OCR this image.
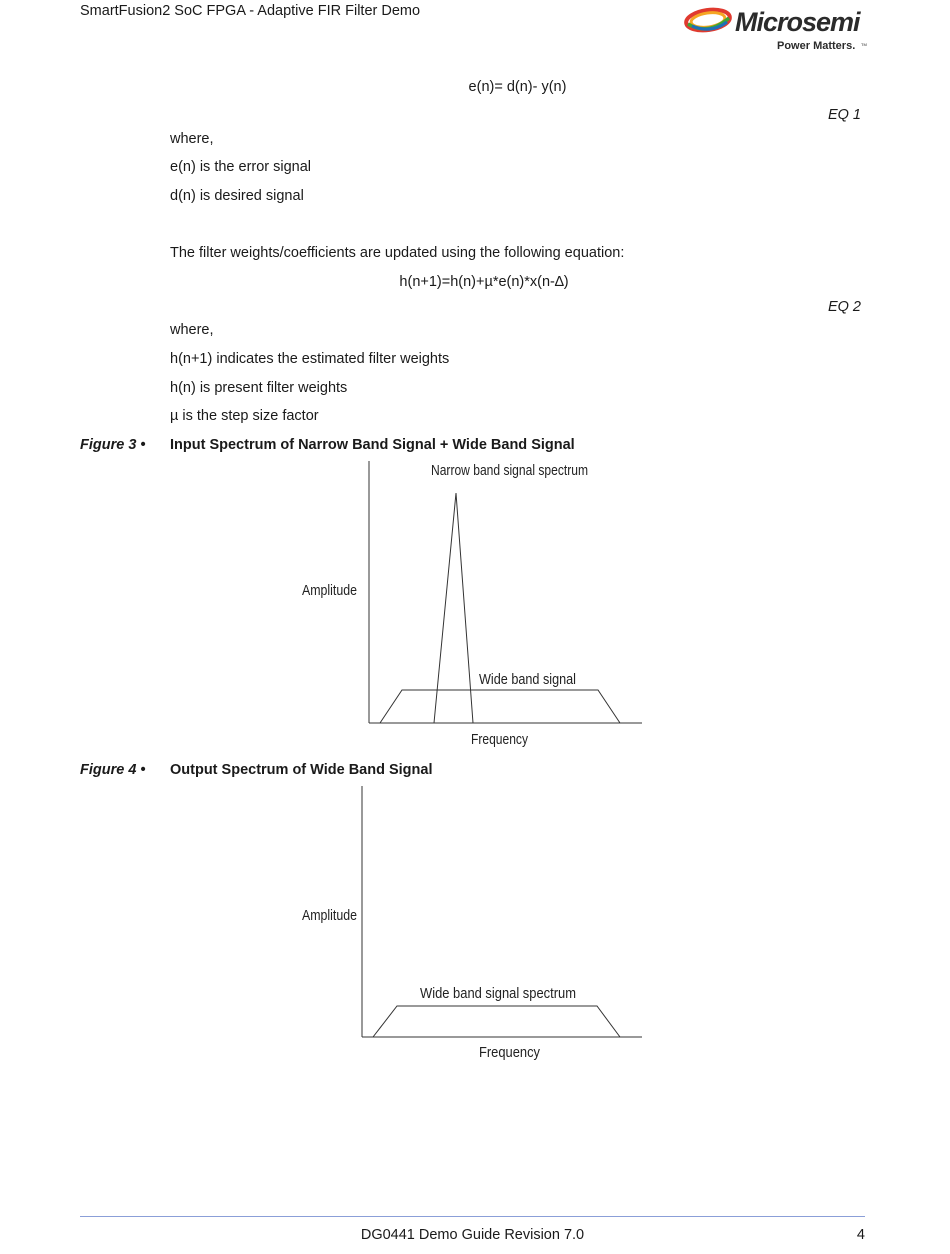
SmartFusion2 SoC FPGA - Adaptive FIR Filter Demo	Microsemi
Power Matters. TM
e(n)= d(n)- y(n)
EQ 1
where,
e(n) is the error signal
d(n) is desired signal
The filter weights/coefficients are updated using the following equation:
h(n+1)=h(n)+µ*e(n)*x(n-∆)
EQ 2
where,
h(n+1) indicates the estimated filter weights
h(n) is present filter weights
µ is the step size factor
Figure 3 • Input Spectrum of Narrow Band Signal + Wide Band Signal
Narrow band signal spectrum
Wide band signal
Amplitude
Frequency
Figure 4 • Output Spectrum of Wide Band Signal
Wide band signal spectrum
Amplitude
Frequency
DG0441 Demo Guide Revision 7.0	4
